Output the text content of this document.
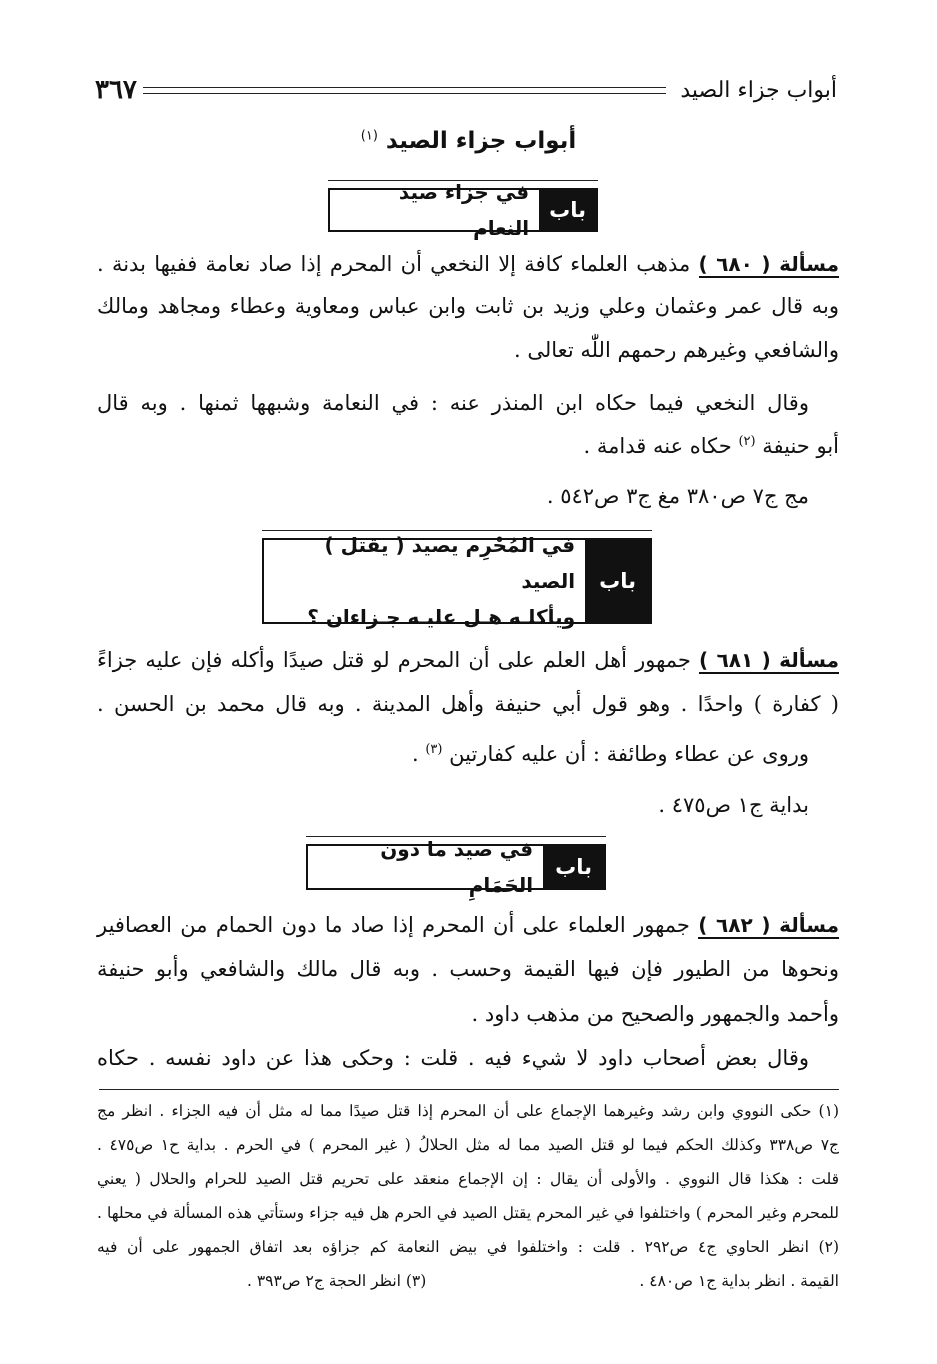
أبواب جزاء الصيد
٣٦٧
أبواب جزاء الصيد $^{(١)}$
باب
في جزاء صيد النعام
مسألة ( ٦٨٠ ) مذهب العلماء كافة إلا النخعي أن المحرم إذا صاد نعامة ففيها بدنة .
وبه قال عمر وعثمان وعلي وزيد بن ثابت وابن عباس ومعاوية وعطاء ومجاهد ومالك
والشافعي وغيرهم رحمهم اللّٰه تعالى .
وقال النخعي فيما حكاه ابن المنذر عنه : في النعامة وشبهها ثمنها . وبه قال
أبو حنيفة $^{(٢)}$ حكاه عنه قدامة .
مج ج٧ ص٣٨٠ مغ ج٣ ص٥٤٢ .
باب
في المُحْرِم يصيد ( يقتل ) الصيد
ويأكلـه هـل عليـه جـزاءان ؟
مسألة ( ٦٨١ ) جمهور أهل العلم على أن المحرم لو قتل صيدًا وأكله فإن عليه جزاءً
( كفارة ) واحدًا . وهو قول أبي حنيفة وأهل المدينة . وبه قال محمد بن الحسن .
وروى عن عطاء وطائفة : أن عليه كفارتين $^{(٣)}$ .
بداية ج١ ص٤٧٥ .
باب
في صيد ما دون الحَمَامِ
مسألة ( ٦٨٢ ) جمهور العلماء على أن المحرم إذا صاد ما دون الحمام من العصافير
ونحوها من الطيور فإن فيها القيمة وحسب . وبه قال مالك والشافعي وأبو حنيفة
وأحمد والجمهور والصحيح من مذهب داود .
وقال بعض أصحاب داود لا شيء فيه . قلت : وحكى هذا عن داود نفسه . حكاه
(١) حكى النووي وابن رشد وغيرهما الإجماع على أن المحرم إذا قتل صيدًا مما له مثل أن فيه الجزاء . انظر مج
ج٧ ص٣٣٨ وكذلك الحكم فيما لو قتل الصيد مما له مثل الحلالُ ( غير المحرم ) في الحرم . بداية ح١ ص٤٧٥ .
قلت : هكذا قال النووي . والأولى أن يقال : إن الإجماع منعقد على تحريم قتل الصيد للحرام والحلال ( يعني
للمحرم وغير المحرم ) واختلفوا في غير المحرم يقتل الصيد في الحرم هل فيه جزاء وستأتي هذه المسألة في محلها .
(٢) انظر الحاوي ج٤ ص٢٩٢ . قلت : واختلفوا في بيض النعامة كم جزاؤه بعد اتفاق الجمهور على أن فيه
القيمة . انظر بداية ج١ ص٤٨٠ .
(٣) انظر الحجة ج٢ ص٣٩٣ .
